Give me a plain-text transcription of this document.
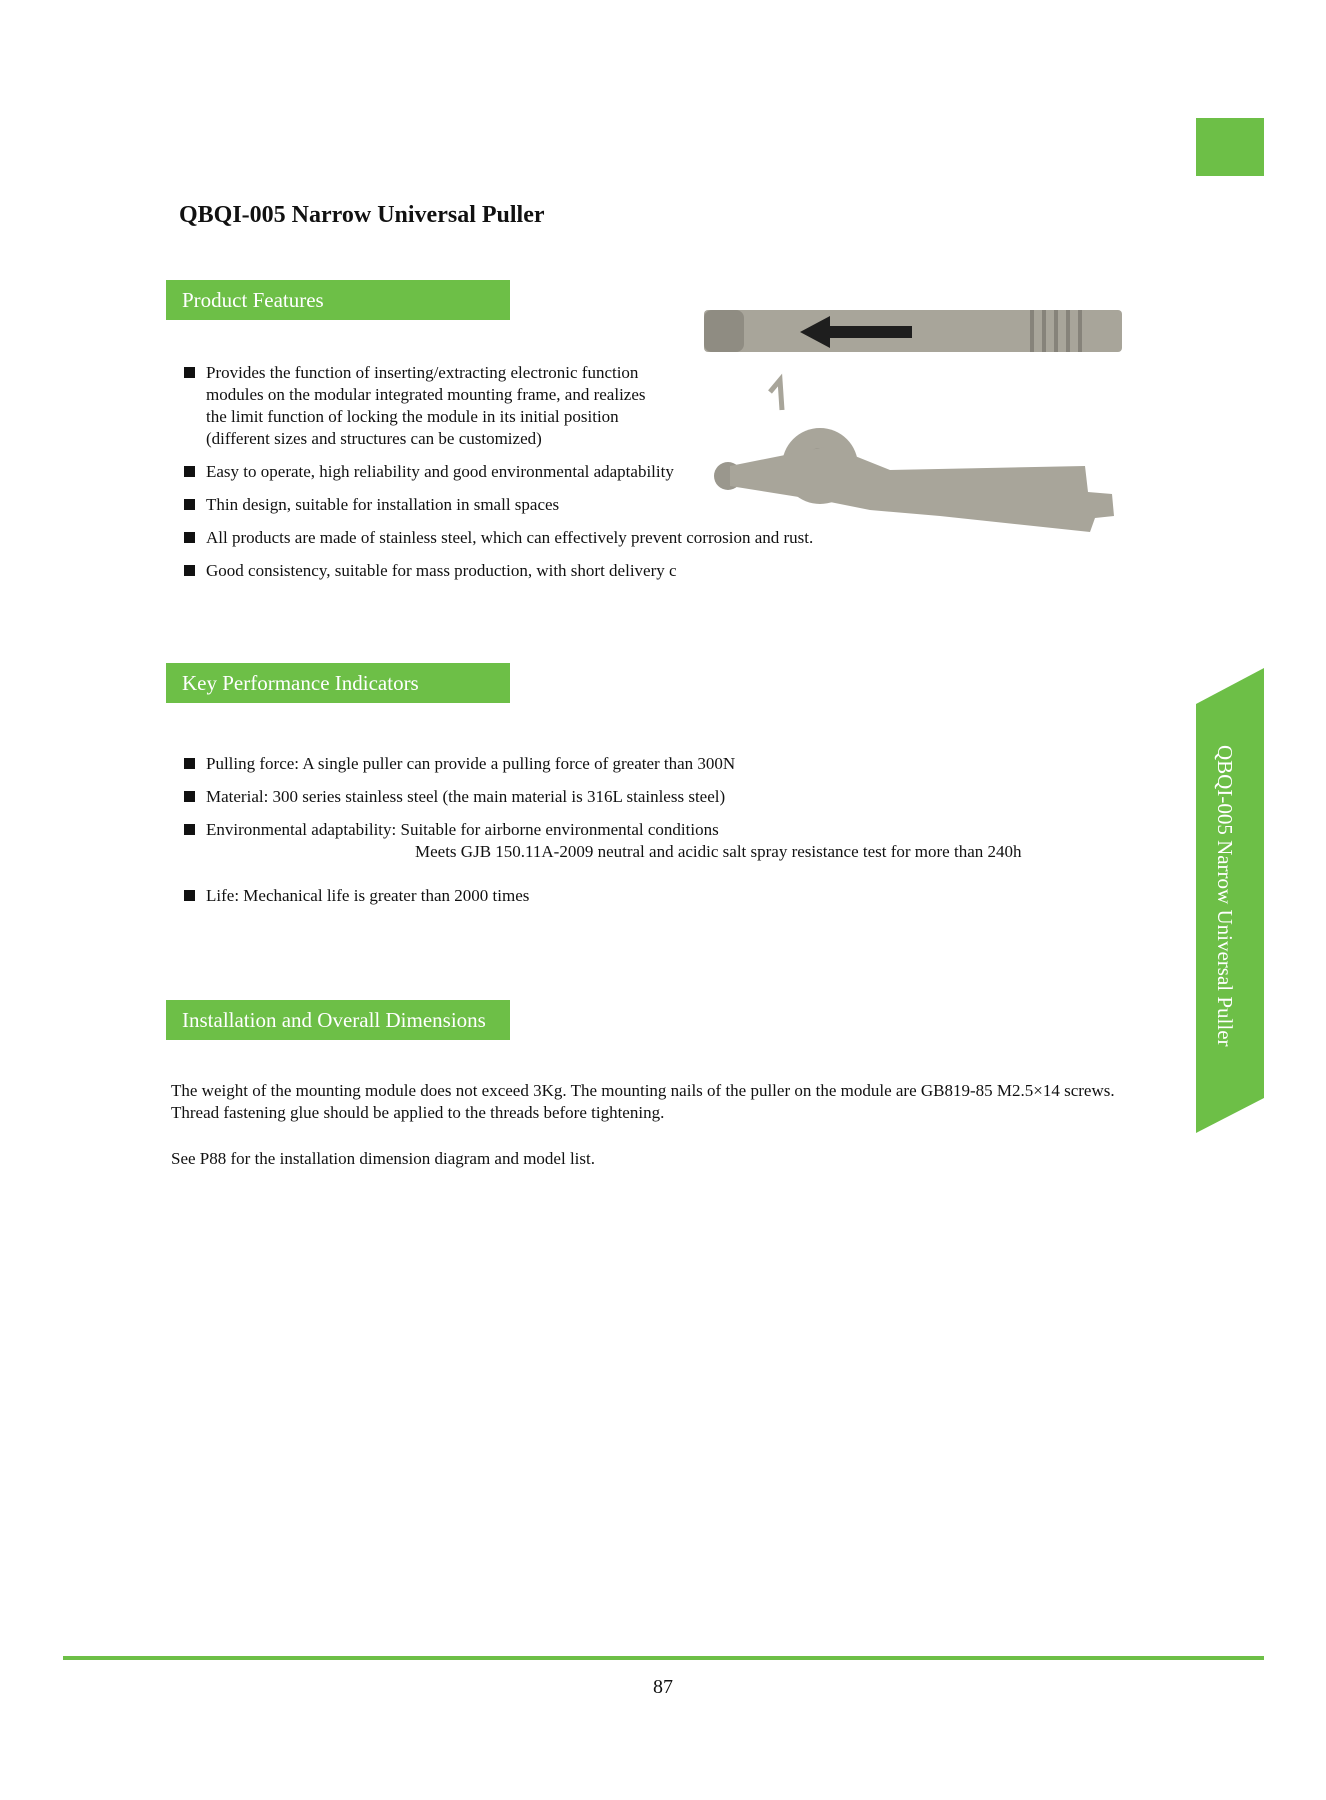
QBQI-005 Narrow Universal Puller
Product Features
Provides the function of inserting/extracting electronic function
modules on the modular integrated mounting frame, and realizes
the limit function of locking the module in its initial position
(different sizes and structures can be customized)
Easy to operate, high reliability and good environmental adaptability
Thin design, suitable for installation in small spaces
All products are made of stainless steel, which can effectively prevent corrosion and rust.
Good consistency, suitable for mass production, with short delivery c
Key Performance Indicators
Pulling force: A single puller can provide a pulling force of greater than 300N
Material: 300 series stainless steel (the main material is 316L stainless steel)
Environmental adaptability: Suitable for airborne environmental conditions
Meets GJB 150.11A-2009 neutral and acidic salt spray resistance test for more than 240h
Life: Mechanical life is greater than 2000 times
Installation and Overall Dimensions

The weight of the mounting module does not exceed 3Kg. The mounting nails of the puller on the module are GB819-85 M2.5×14 screws. Thread fastening glue should be applied to the threads before tightening.

See P88 for the installation dimension diagram and model list.

QBQI-005 Narrow Universal Puller
87
